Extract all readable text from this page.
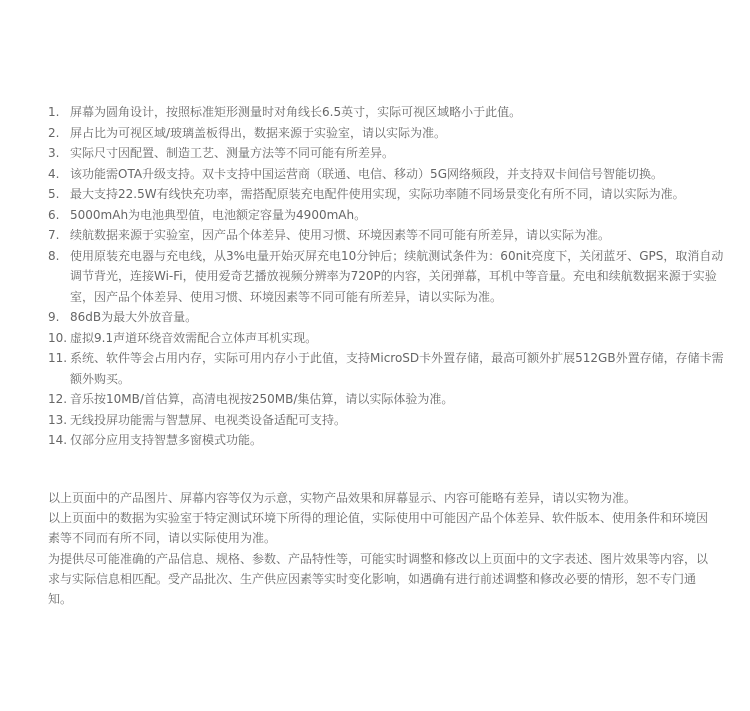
1. 屏幕为圆角设计，按照标准矩形测量时对角线长6.5英寸，实际可视区域略小于此值。
2. 屏占比为可视区域/玻璃盖板得出，数据来源于实验室，请以实际为准。
3. 实际尺寸因配置、制造工艺、测量方法等不同可能有所差异。
4. 该功能需OTA升级支持。双卡支持中国运营商（联通、电信、移动）5G网络频段，并支持双卡间信号智能切换。
5. 最大支持22.5W有线快充功率，需搭配原装充电配件使用实现，实际功率随不同场景变化有所不同，请以实际为准。
6. 5000mAh为电池典型值，电池额定容量为4900mAh。
7. 续航数据来源于实验室，因产品个体差异、使用习惯、环境因素等不同可能有所差异，请以实际为准。
8. 使用原装充电器与充电线，从3%电量开始灭屏充电10分钟后；续航测试条件为：60nit亮度下，关闭蓝牙、GPS，取消自动调节背光，连接Wi-Fi，使用爱奇艺播放视频分辨率为720P的内容，关闭弹幕，耳机中等音量。充电和续航数据来源于实验室，因产品个体差异、使用习惯、环境因素等不同可能有所差异，请以实际为准。
9. 86dB为最大外放音量。
10. 虚拟9.1声道环绕音效需配合立体声耳机实现。
11. 系统、软件等会占用内存，实际可用内存小于此值，支持MicroSD卡外置存储，最高可额外扩展512GB外置存储，存储卡需额外购买。
12. 音乐按10MB/首估算，高清电视按250MB/集估算，请以实际体验为准。
13. 无线投屏功能需与智慧屏、电视类设备适配可支持。
14. 仅部分应用支持智慧多窗模式功能。

以上页面中的产品图片、屏幕内容等仅为示意，实物产品效果和屏幕显示、内容可能略有差异，请以实物为准。

以上页面中的数据为实验室于特定测试环境下所得的理论值，实际使用中可能因产品个体差异、软件版本、使用条件和环境因素等不同而有所不同，请以实际使用为准。

为提供尽可能准确的产品信息、规格、参数、产品特性等，可能实时调整和修改以上页面中的文字表述、图片效果等内容，以求与实际信息相匹配。受产品批次、生产供应因素等实时变化影响，如遇确有进行前述调整和修改必要的情形，恕不专门通知。
